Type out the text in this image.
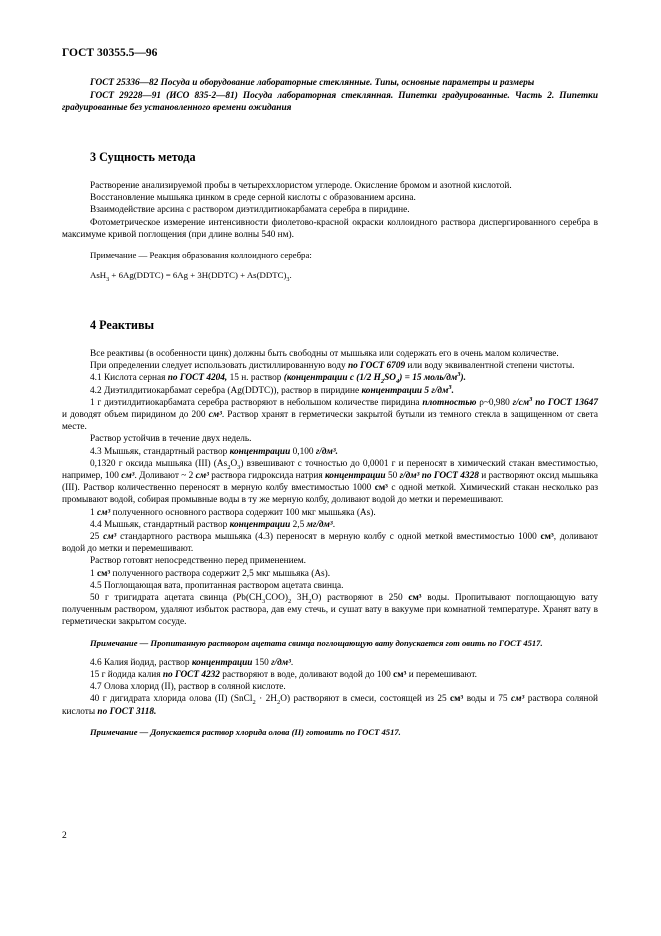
ГОСТ 30355.5—96

ГОСТ 25336—82 Посуда и оборудование лабораторные стеклянные. Типы, основные параметры и размеры

ГОСТ 29228—91 (ИСО 835-2—81) Посуда лабораторная стеклянная. Пипетки градуированные. Часть 2. Пипетки градуированные без установленного времени ожидания

3 Сущность метода

Растворение анализируемой пробы в четыреххлористом углероде. Окисление бромом и азотной кислотой.

Восстановление мышьяка цинком в среде серной кислоты с образованием арсина.

Взаимодействие арсина с раствором диэтилдитиокарбамата серебра в пиридине.

Фотометрическое измерение интенсивности фиолетово-красной окраски коллоидного раствора диспергированного серебра в максимуме кривой поглощения (при длине волны 540 нм).

Примечание — Реакция образования коллоидного серебра:

AsH$_3$ + 6Ag(DDTC) = 6Ag + 3H(DDTC) + $As(DDTC)_3$.

4 Реактивы

Все реактивы (в особенности цинк) должны быть свободны от мышьяка или содержать его в очень малом количестве.

При определении следует использовать дистиллированную воду по ГОСТ 6709 или воду эквивалентной степени чистоты.

4.1 Кислота серная по ГОСТ 4204, 15 н. раствор (концентрации с (1/2 $H_2SO_4) = 15$ моль/$дм^3$).

4.2 Диэтилдитиокарбамат серебра (Ag(DDTC)), раствор в пиридине концентрации 5 $г/дм^3$.

1 г диэтилдитиокарбамата серебра растворяют в небольшом количестве пиридина плотностью ρ~0,980 $г/см^3$ по ГОСТ 13647 и доводят объем пиридином до 200 см³. Раствор хранят в герметически закрытой бутыли из темного стекла в защищенном от света месте.

Раствор устойчив в течение двух недель.

4.3 Мышьяк, стандартный раствор концентрации 0,100 г/дм³.

0,1320 г оксида мышьяка (III) $(As_2O_3)$ взвешивают с точностью до 0,0001 г и переносят в химический стакан вместимостью, например, 100 см³. Доливают ~ 2 см³ раствора гидроксида натрия концентрации 50 г/дм³ по ГОСТ 4328 и растворяют оксид мышьяка (III). Раствор количественно переносят в мерную колбу вместимостью 1000 см³ с одной меткой. Химический стакан несколько раз промывают водой, собирая промывные воды в ту же мерную колбу, доливают водой до метки и перемешивают.

1 см³ полученного основного раствора содержит 100 мкг мышьяка (As).

4.4 Мышьяк, стандартный раствор концентрации 2,5 мг/дм³.

25 см³ стандартного раствора мышьяка (4.3) переносят в мерную колбу с одной меткой вместимостью 1000 см³, доливают водой до метки и перемешивают.

Раствор готовят непосредственно перед применением.

1 см³ полученного раствора содержит 2,5 мкг мышьяка (As).

4.5 Поглощающая вата, пропитанная раствором ацетата свинца.

50 г тригидрата ацетата свинца ($Pb(CH_3COO)_2$ $3H_2O$) растворяют в 250 см³ воды. Пропитывают поглощающую вату полученным раствором, удаляют избыток раствора, дав ему стечь, и сушат вату в вакууме при комнатной температуре. Хранят вату в герметически закрытом сосуде.

Примечание — Пропитанную раствором ацетата свинца поглощающую вату допускается гот овить по ГОСТ 4517.

4.6 Калия йодид, раствор концентрации 150 г/дм³.

15 г йодида калия по ГОСТ 4232 растворяют в воде, доливают водой до 100 см³ и перемешивают.

4.7 Олова хлорид (II), раствор в соляной кислоте.

40 г дигидрата хлорида олова (II) (SnCl$_2$ · $2H_2O$) растворяют в смеси, состоящей из 25 см³ воды и 75 см³ раствора соляной кислоты по ГОСТ 3118.

Примечание — Допускается раствор хлорида олова (II) готовить по ГОСТ 4517.

2
